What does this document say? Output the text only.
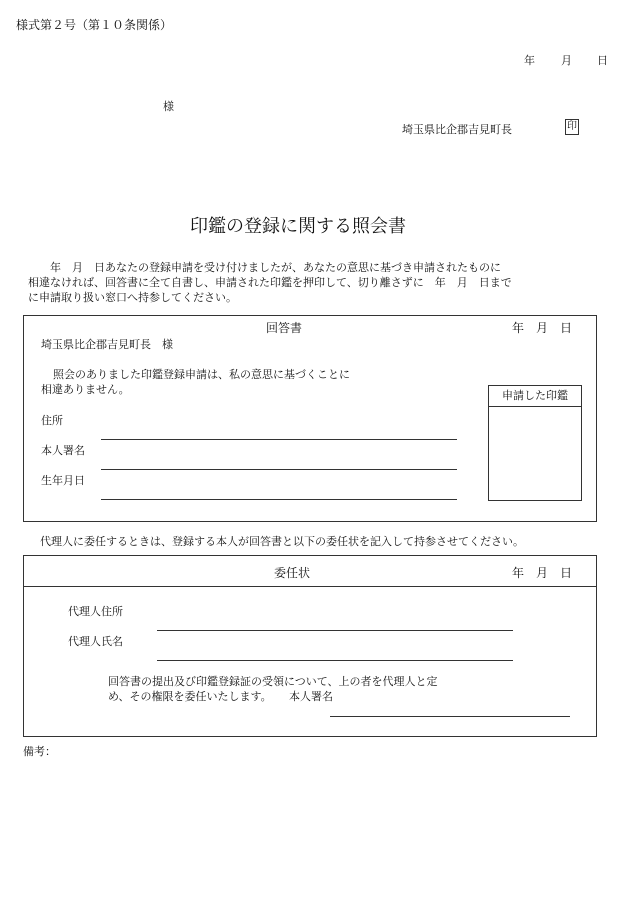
様式第２号（第１０条関係）
年 月 日
様
埼玉県比企郡吉見町長	印
印鑑の登録に関する照会書
　　年　月　日あなたの登録申請を受け付けましたが、あなたの意思に基づき申請されたものに
相違なければ、回答書に全て自書し、申請された印鑑を押印して、切り離さずに　年　月　日まで
に申請取り扱い窓口へ持参してください。
回答書	年　月　日
埼玉県比企郡吉見町長　様
照会のありました印鑑登録申請は、私の意思に基づくことに
相違ありません。
住所
本人署名
生年月日
申請した印鑑
代理人に委任するときは、登録する本人が回答書と以下の委任状を記入して持参させてください。
委任状	年　月　日
代理人住所
代理人氏名
回答書の提出及び印鑑登録証の受領について、上の者を代理人と定
め、その権限を委任いたします。 本人署名
備考：
